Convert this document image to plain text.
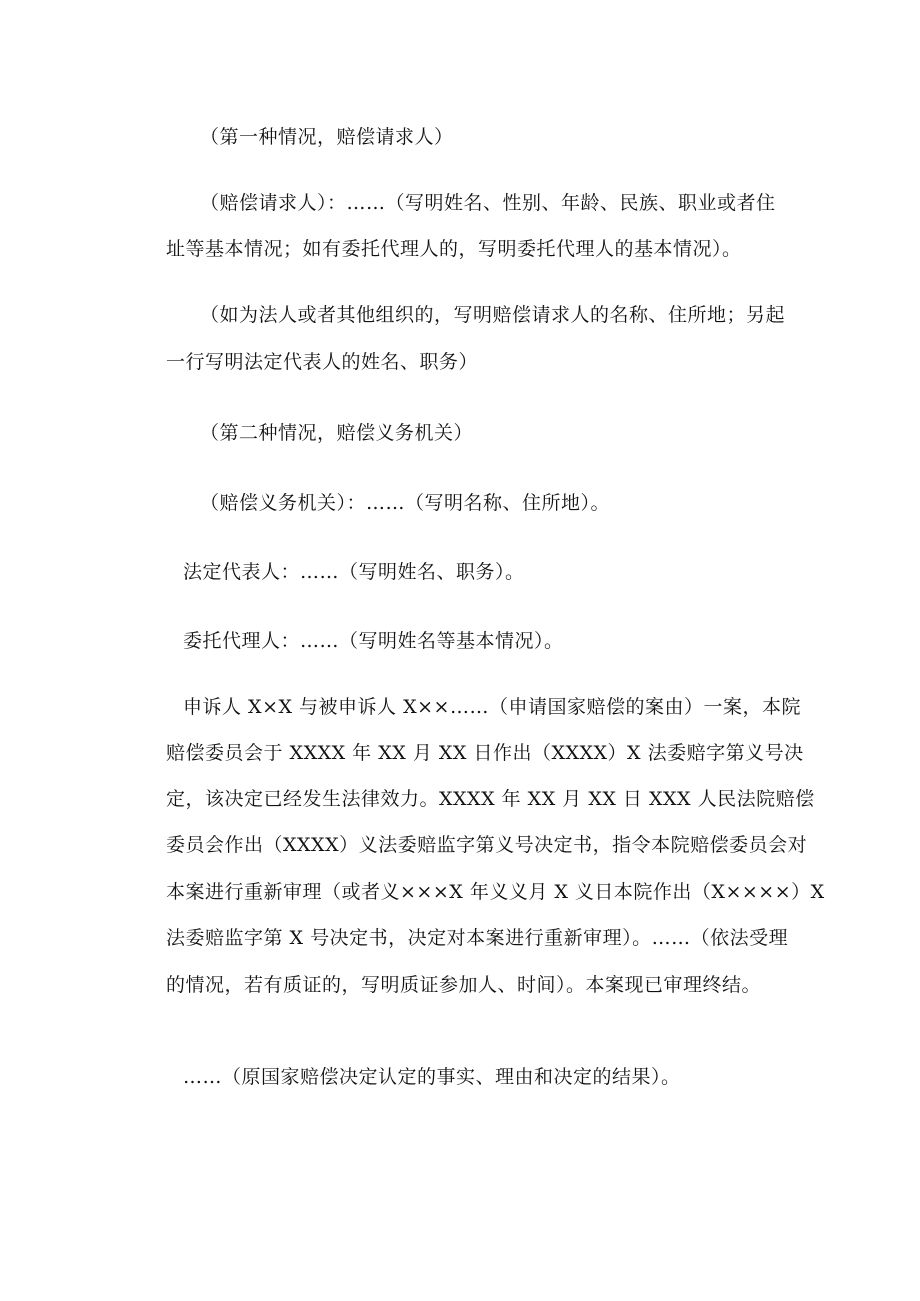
（第一种情况，赔偿请求人）

（赔偿请求人）：……（写明姓名、性别、年龄、民族、职业或者住

址等基本情况；如有委托代理人的，写明委托代理人的基本情况）。

（如为法人或者其他组织的，写明赔偿请求人的名称、住所地；另起

一行写明法定代表人的姓名、职务）

（第二种情况，赔偿义务机关）

（赔偿义务机关）：……（写明名称、住所地）。

法定代表人：……（写明姓名、职务）。

委托代理人：……（写明姓名等基本情况）。

申诉人 X×X 与被申诉人 X××……（申请国家赔偿的案由）一案，本院

赔偿委员会于 XXXX 年 XX 月 XX 日作出（XXXX）X 法委赔字第义号决

定，该决定已经发生法律效力。XXXX 年 XX 月 XX 日 XXX 人民法院赔偿

委员会作出（XXXX）义法委赔监字第义号决定书，指令本院赔偿委员会对

本案进行重新审理（或者义×××X 年义义月 X 义日本院作出（X××××）X

法委赔监字第 X 号决定书，决定对本案进行重新审理）。……（依法受理

的情况，若有质证的，写明质证参加人、时间）。本案现已审理终结。

……（原国家赔偿决定认定的事实、理由和决定的结果）。
